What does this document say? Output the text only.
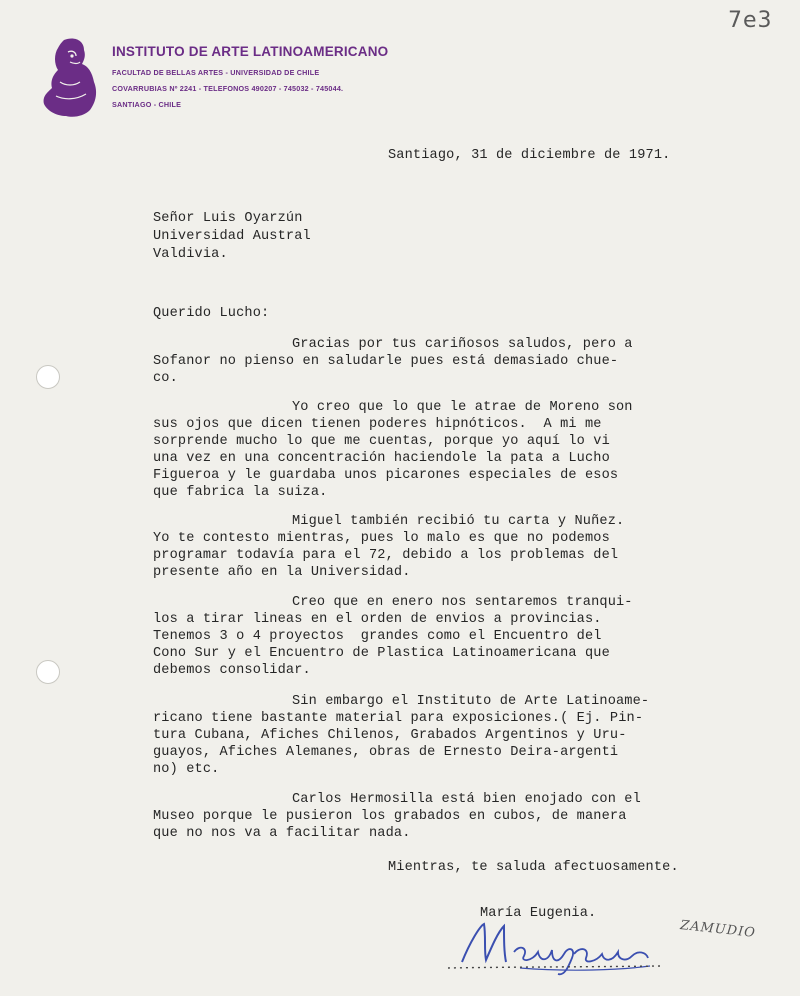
7e3
INSTITUTO DE ARTE LATINOAMERICANO
FACULTAD DE BELLAS ARTES - UNIVERSIDAD DE CHILE
COVARRUBIAS Nº 2241 - TELEFONOS 490207 - 745032 - 745044.
SANTIAGO - CHILE
Santiago, 31 de diciembre de 1971.
Señor Luis Oyarzún
Universidad Austral
Valdivia.
Querido Lucho:
Gracias por tus cariñosos saludos, pero a
Sofanor no pienso en saludarle pues está demasiado chue-
co.
Yo creo que lo que le atrae de Moreno son
sus ojos que dicen tienen poderes hipnóticos.  A mi me
sorprende mucho lo que me cuentas, porque yo aquí lo vi
una vez en una concentración haciendole la pata a Lucho
Figueroa y le guardaba unos picarones especiales de esos
que fabrica la suiza.
Miguel también recibió tu carta y Nuñez.
Yo te contesto mientras, pues lo malo es que no podemos
programar todavía para el 72, debido a los problemas del
presente año en la Universidad.
Creo que en enero nos sentaremos tranqui-
los a tirar lineas en el orden de envios a provincias.
Tenemos 3 o 4 proyectos  grandes como el Encuentro del
Cono Sur y el Encuentro de Plastica Latinoamericana que
debemos consolidar.
Sin embargo el Instituto de Arte Latinoame-
ricano tiene bastante material para exposiciones.( Ej. Pin-
tura Cubana, Afiches Chilenos, Grabados Argentinos y Uru-
guayos, Afiches Alemanes, obras de Ernesto Deira-argenti
no) etc.
Carlos Hermosilla está bien enojado con el
Museo porque le pusieron los grabados en cubos, de manera
que no nos va a facilitar nada.
Mientras, te saluda afectuosamente.
María Eugenia.
ZAMUDIO
